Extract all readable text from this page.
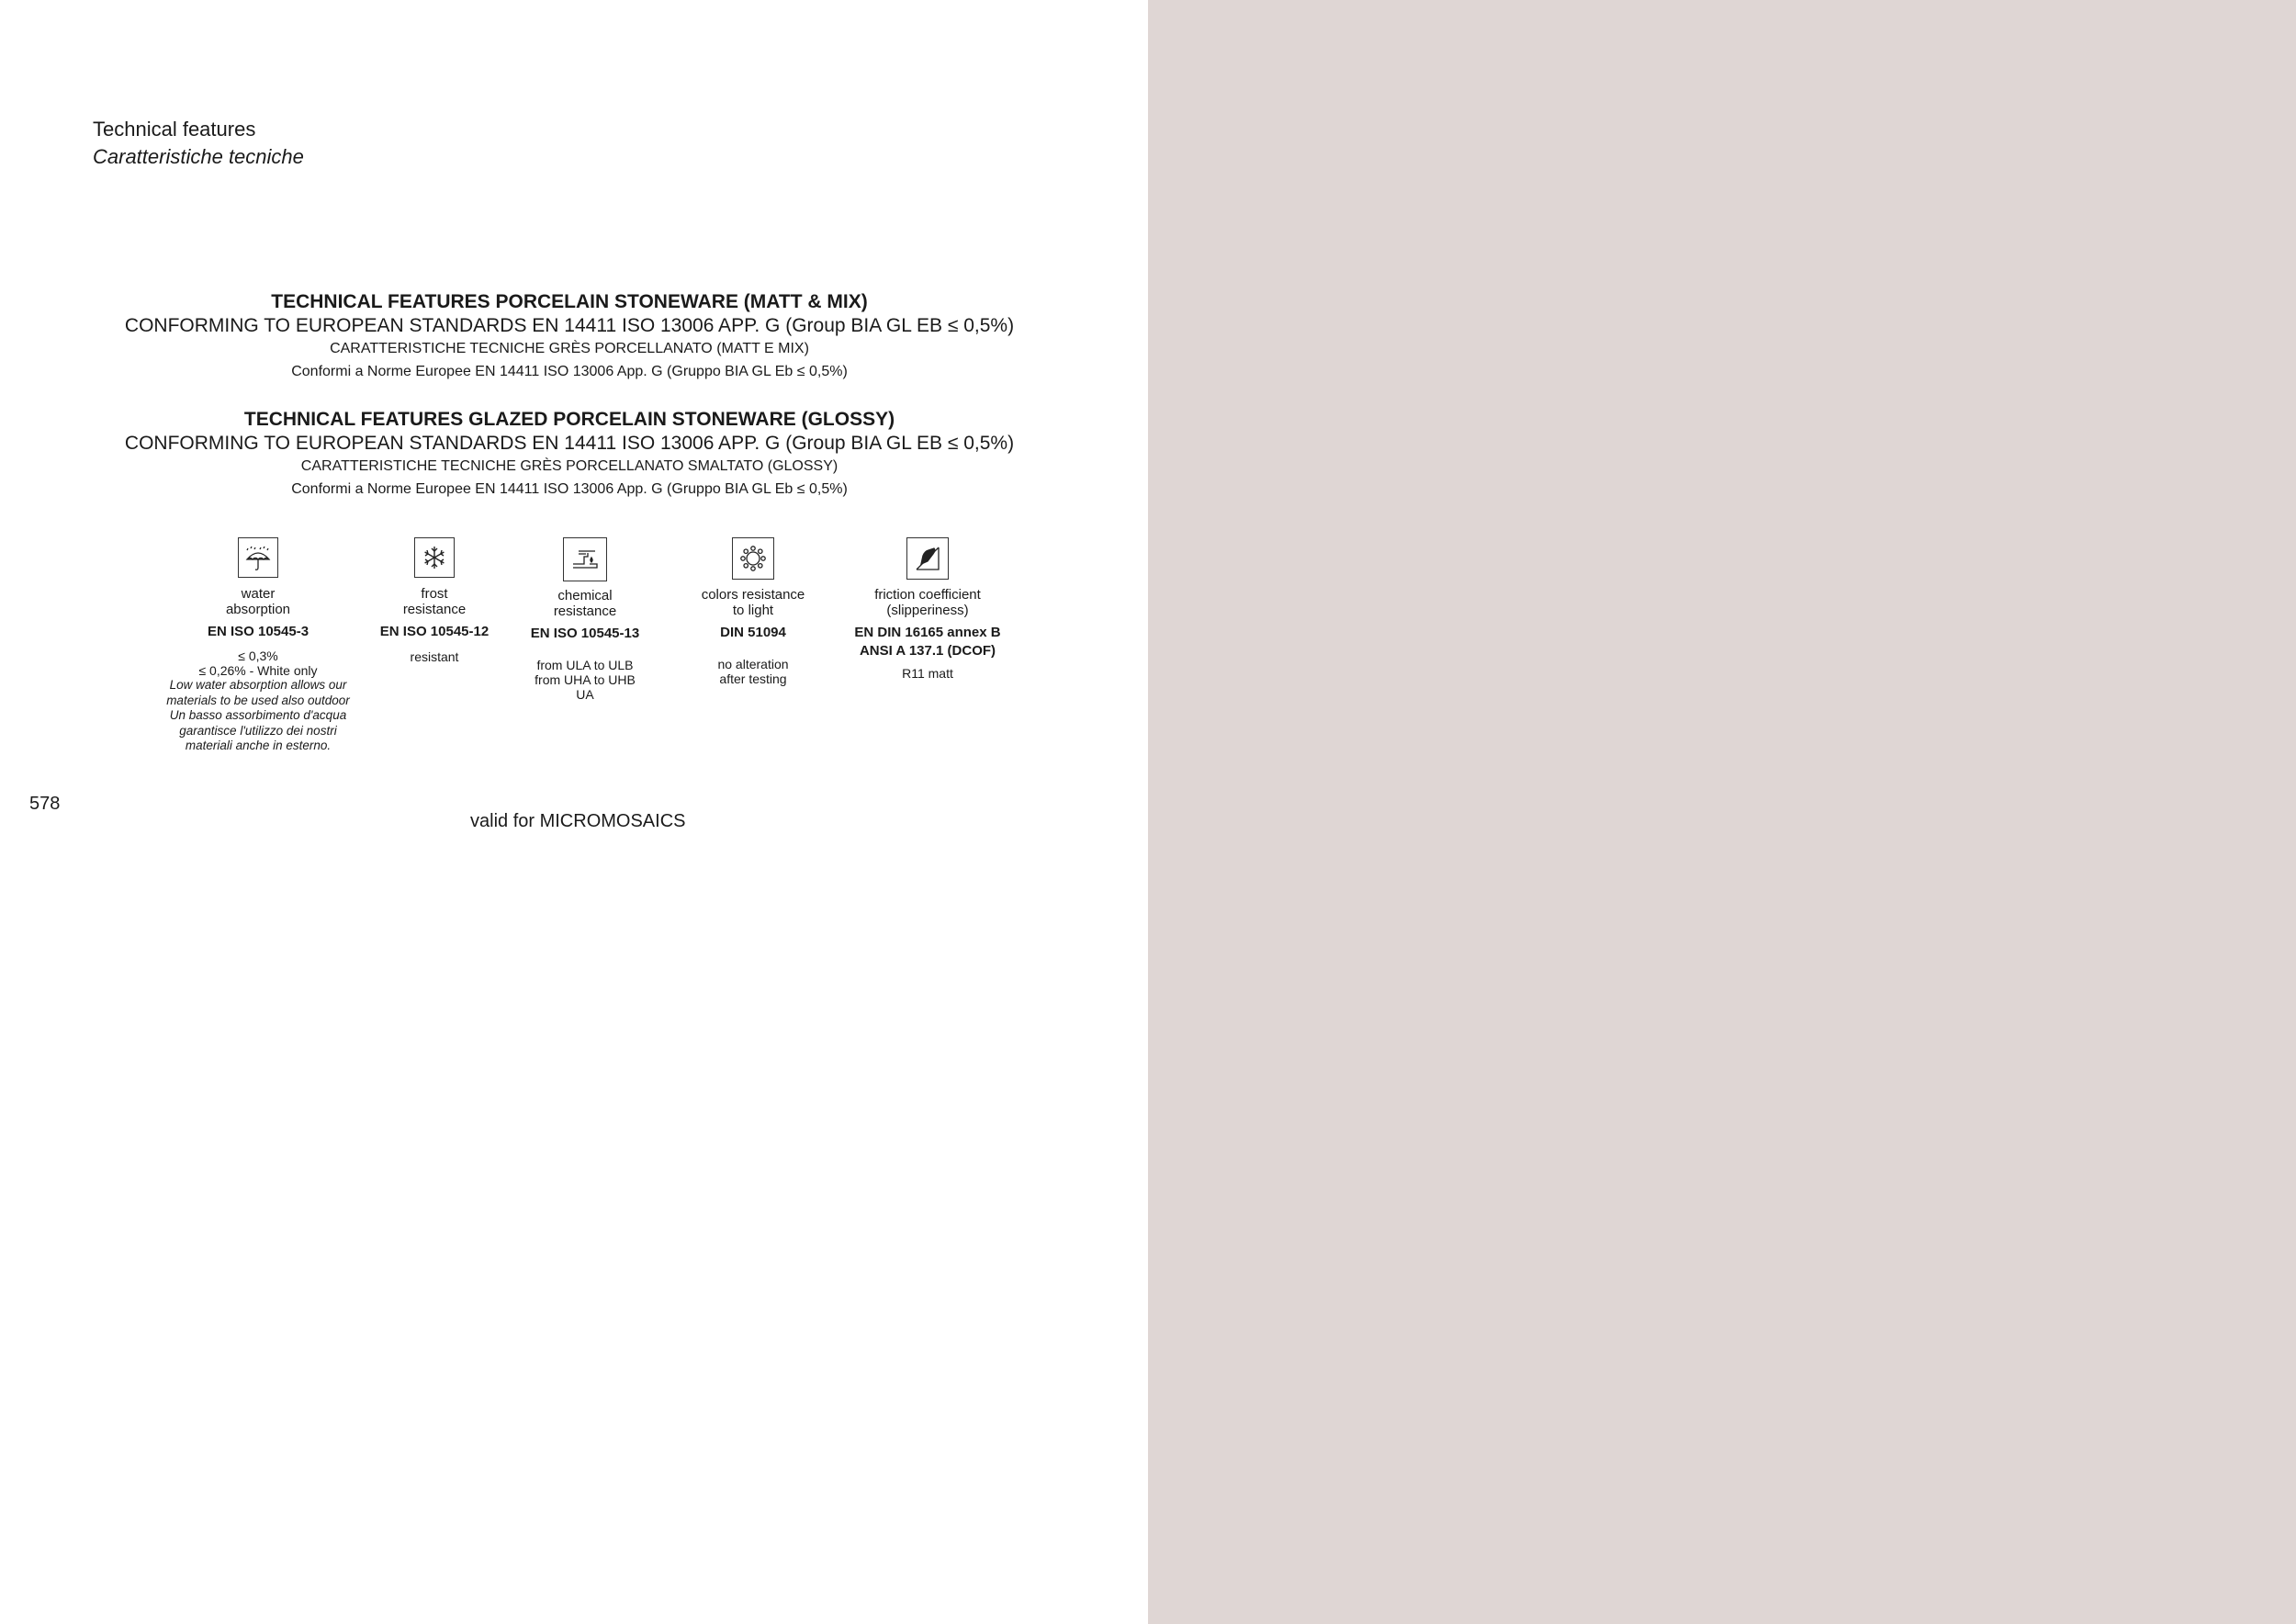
Technical features
Caratteristiche tecniche
TECHNICAL FEATURES PORCELAIN STONEWARE (MATT & MIX)
CONFORMING TO EUROPEAN STANDARDS EN 14411 ISO 13006 APP. G (Group BIA GL EB ≤ 0,5%)
CARATTERISTICHE TECNICHE GRÈS PORCELLANATO (MATT E MIX)
Conformi a Norme Europee EN 14411 ISO 13006 App. G (Gruppo BIA GL Eb ≤ 0,5%)
TECHNICAL FEATURES GLAZED PORCELAIN STONEWARE (GLOSSY)
CONFORMING TO EUROPEAN STANDARDS EN 14411 ISO 13006 APP. G (Group BIA GL EB ≤ 0,5%)
CARATTERISTICHE TECNICHE GRÈS PORCELLANATO SMALTATO (GLOSSY)
Conformi a Norme Europee EN 14411 ISO 13006 App. G (Gruppo BIA GL Eb ≤ 0,5%)
water
absorption
EN ISO 10545-3
≤ 0,3%
≤ 0,26% - White only
Low water absorption allows our
materials to be used also outdoor
Un basso assorbimento d'acqua
garantisce l'utilizzo dei nostri
materiali anche in esterno.
frost
resistance
EN ISO 10545-12
resistant
chemical
resistance
EN ISO 10545-13
from ULA to ULB
from UHA to UHB
UA
colors resistance
to light
DIN 51094
no alteration
after testing
friction coefficient
(slipperiness)
EN DIN 16165 annex B
ANSI A 137.1 (DCOF)
R11 matt
578
valid for MICROMOSAICS
